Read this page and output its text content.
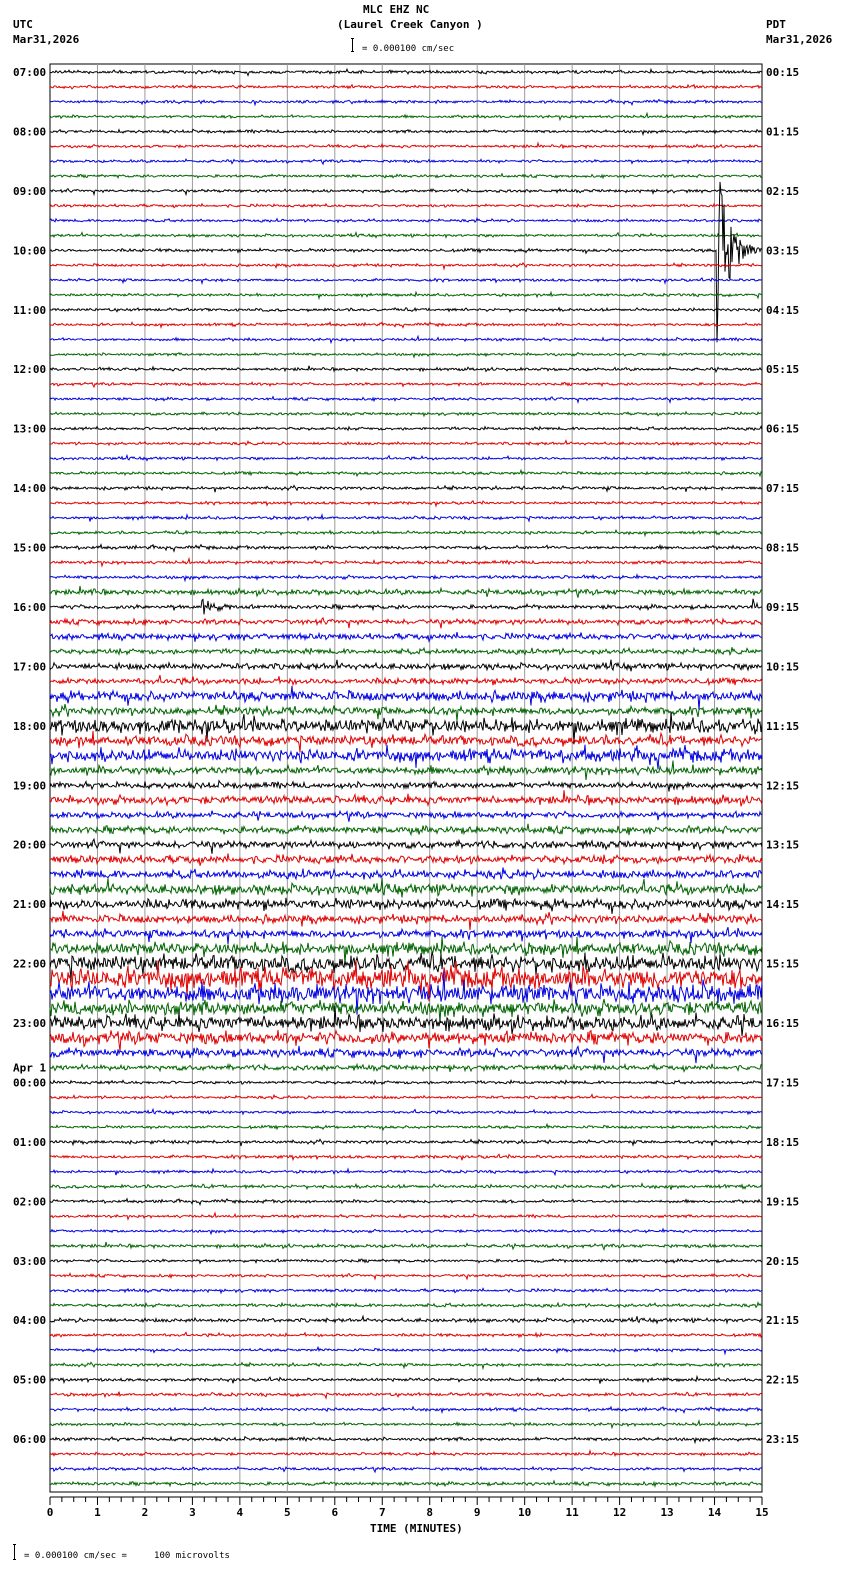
MLC EHZ NC
(Laurel Creek Canyon )
UTC
Mar31,2026
PDT
Mar31,2026
= 0.000100 cm/sec
0	1	2	3	4	5	6	7	8	9	10	11	12	13	14	15
07:00	00:15
08:00	01:15
09:00	02:15
10:00	03:15
11:00	04:15
12:00	05:15
13:00	06:15
14:00	07:15
15:00	08:15
16:00	09:15
17:00	10:15
18:00	11:15
19:00	12:15
20:00	13:15
21:00	14:15
22:00	15:15
23:00	16:15
00:00	17:15
01:00	18:15
02:00	19:15
03:00	20:15
04:00	21:15
05:00	22:15
06:00	23:15
Apr 1
TIME (MINUTES)
= 0.000100 cm/sec =     100 microvolts
